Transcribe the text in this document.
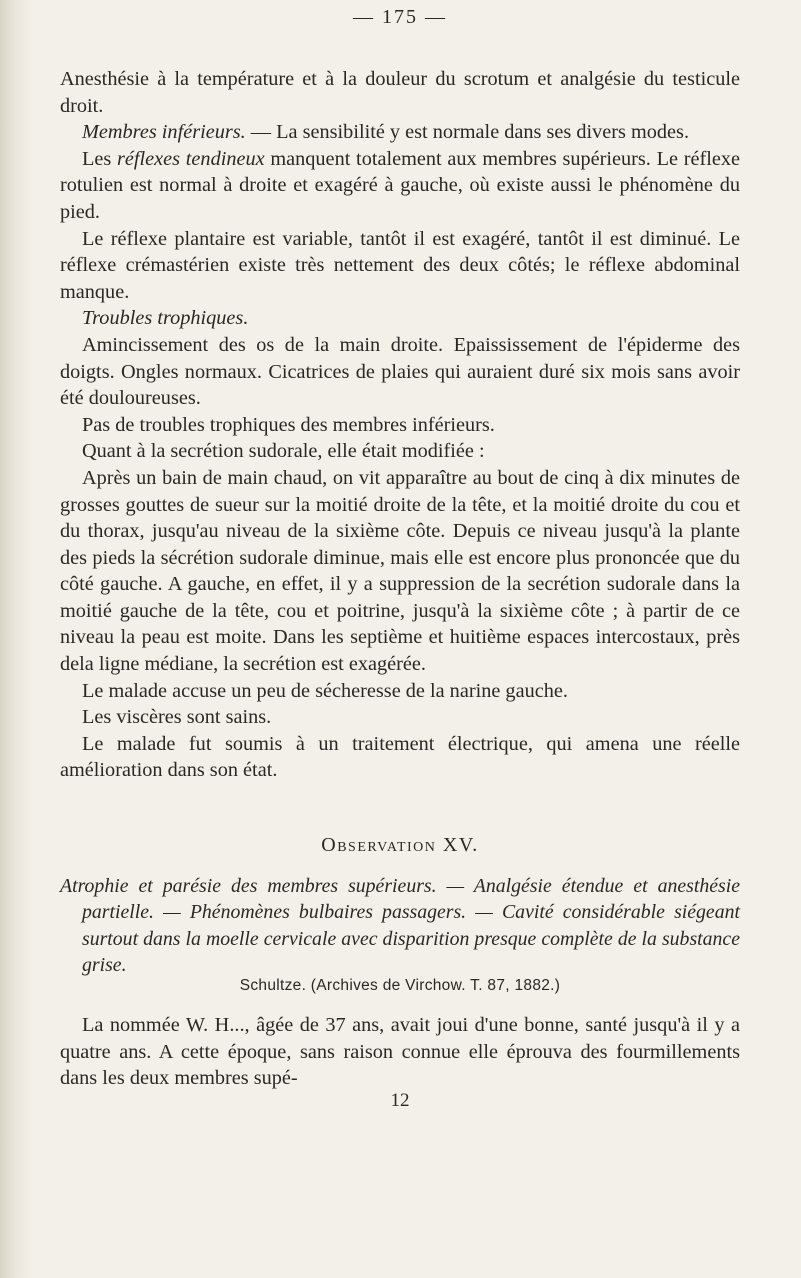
— 175 —

Anesthésie à la température et à la douleur du scrotum et analgésie du testicule droit.

Membres inférieurs. — La sensibilité y est normale dans ses divers modes.

Les réflexes tendineux manquent totalement aux membres supérieurs. Le réflexe rotulien est normal à droite et exagéré à gauche, où existe aussi le phénomène du pied.

Le réflexe plantaire est variable, tantôt il est exagéré, tantôt il est diminué. Le réflexe crémastérien existe très nettement des deux côtés; le réflexe abdominal manque.

Troubles trophiques.

Amincissement des os de la main droite. Epaississement de l'épiderme des doigts. Ongles normaux. Cicatrices de plaies qui auraient duré six mois sans avoir été douloureuses.

Pas de troubles trophiques des membres inférieurs.

Quant à la secrétion sudorale, elle était modifiée :

Après un bain de main chaud, on vit apparaître au bout de cinq à dix minutes de grosses gouttes de sueur sur la moitié droite de la tête, et la moitié droite du cou et du thorax, jusqu'au niveau de la sixième côte. Depuis ce niveau jusqu'à la plante des pieds la sécrétion sudorale diminue, mais elle est encore plus prononcée que du côté gauche. A gauche, en effet, il y a suppression de la secrétion sudorale dans la moitié gauche de la tête, cou et poitrine, jusqu'à la sixième côte ; à partir de ce niveau la peau est moite. Dans les septième et huitième espaces intercostaux, près dela ligne médiane, la secrétion est exagérée.

Le malade accuse un peu de sécheresse de la narine gauche.

Les viscères sont sains.

Le malade fut soumis à un traitement électrique, qui amena une réelle amélioration dans son état.

Observation XV.

Atrophie et parésie des membres supérieurs. — Analgésie étendue et anesthésie partielle. — Phénomènes bulbaires passagers. — Cavité considérable siégeant surtout dans la moelle cervicale avec disparition presque complète de la substance grise.

Schultze. (Archives de Virchow. T. 87, 1882.)

La nommée W. H..., âgée de 37 ans, avait joui d'une bonne, santé jusqu'à il y a quatre ans. A cette époque, sans raison connue elle éprouva des fourmillements dans les deux membres supé-

12
